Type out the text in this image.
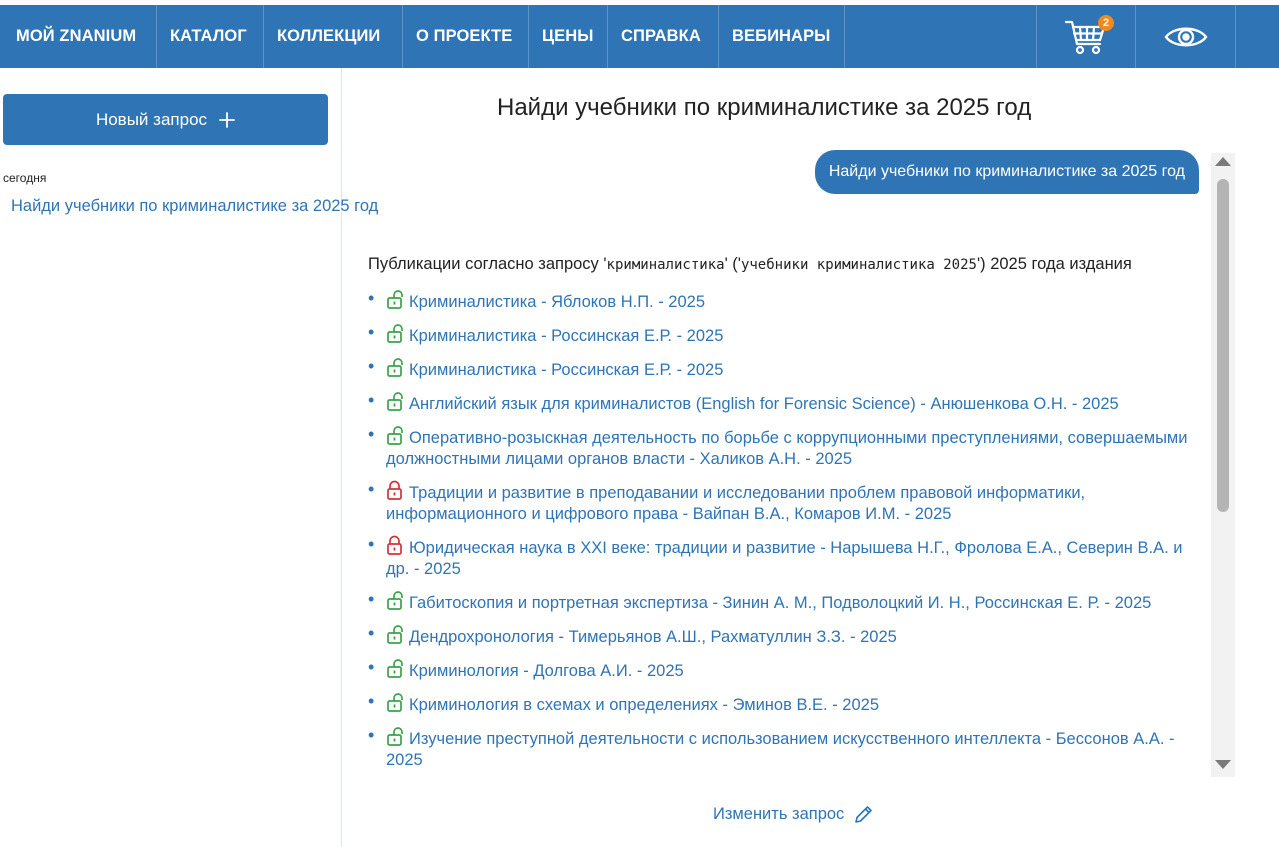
МОЙ ZNANIUM КАТАЛОГ КОЛЛЕКЦИИ О ПРОЕКТЕ ЦЕНЫ СПРАВКА ВЕБИНАРЫ
2
Новый запрос
сегодня
Найди учебники по криминалистике за 2025 год
Найди учебники по криминалистике за 2025 год
Найди учебники по криминалистике за 2025 год

Публикации согласно запросу 'криминалистика' ('учебники криминалистика 2025') 2025 года издания

• Криминалистика - Яблоков Н.П. - 2025
• Криминалистика - Россинская Е.Р. - 2025
• Криминалистика - Россинская Е.Р. - 2025
• Английский язык для криминалистов (English for Forensic Science) - Анюшенкова О.Н. - 2025
• Оперативно-розыскная деятельность по борьбе с коррупционными преступлениями, совершаемыми должностными лицами органов власти - Халиков А.Н. - 2025
• Традиции и развитие в преподавании и исследовании проблем правовой информатики, информационного и цифрового права - Вайпан В.А., Комаров И.М. - 2025
• Юридическая наука в XXI веке: традиции и развитие - Нарышева Н.Г., Фролова Е.А., Северин В.А. и др. - 2025
• Габитоскопия и портретная экспертиза - Зинин А. М., Подволоцкий И. Н., Россинская Е. Р. - 2025
• Дендрохронология - Тимерьянов А.Ш., Рахматуллин З.З. - 2025
• Криминология - Долгова А.И. - 2025
• Криминология в схемах и определениях - Эминов В.Е. - 2025
• Изучение преступной деятельности с использованием искусственного интеллекта - Бессонов А.А. - 2025
Изменить запрос
